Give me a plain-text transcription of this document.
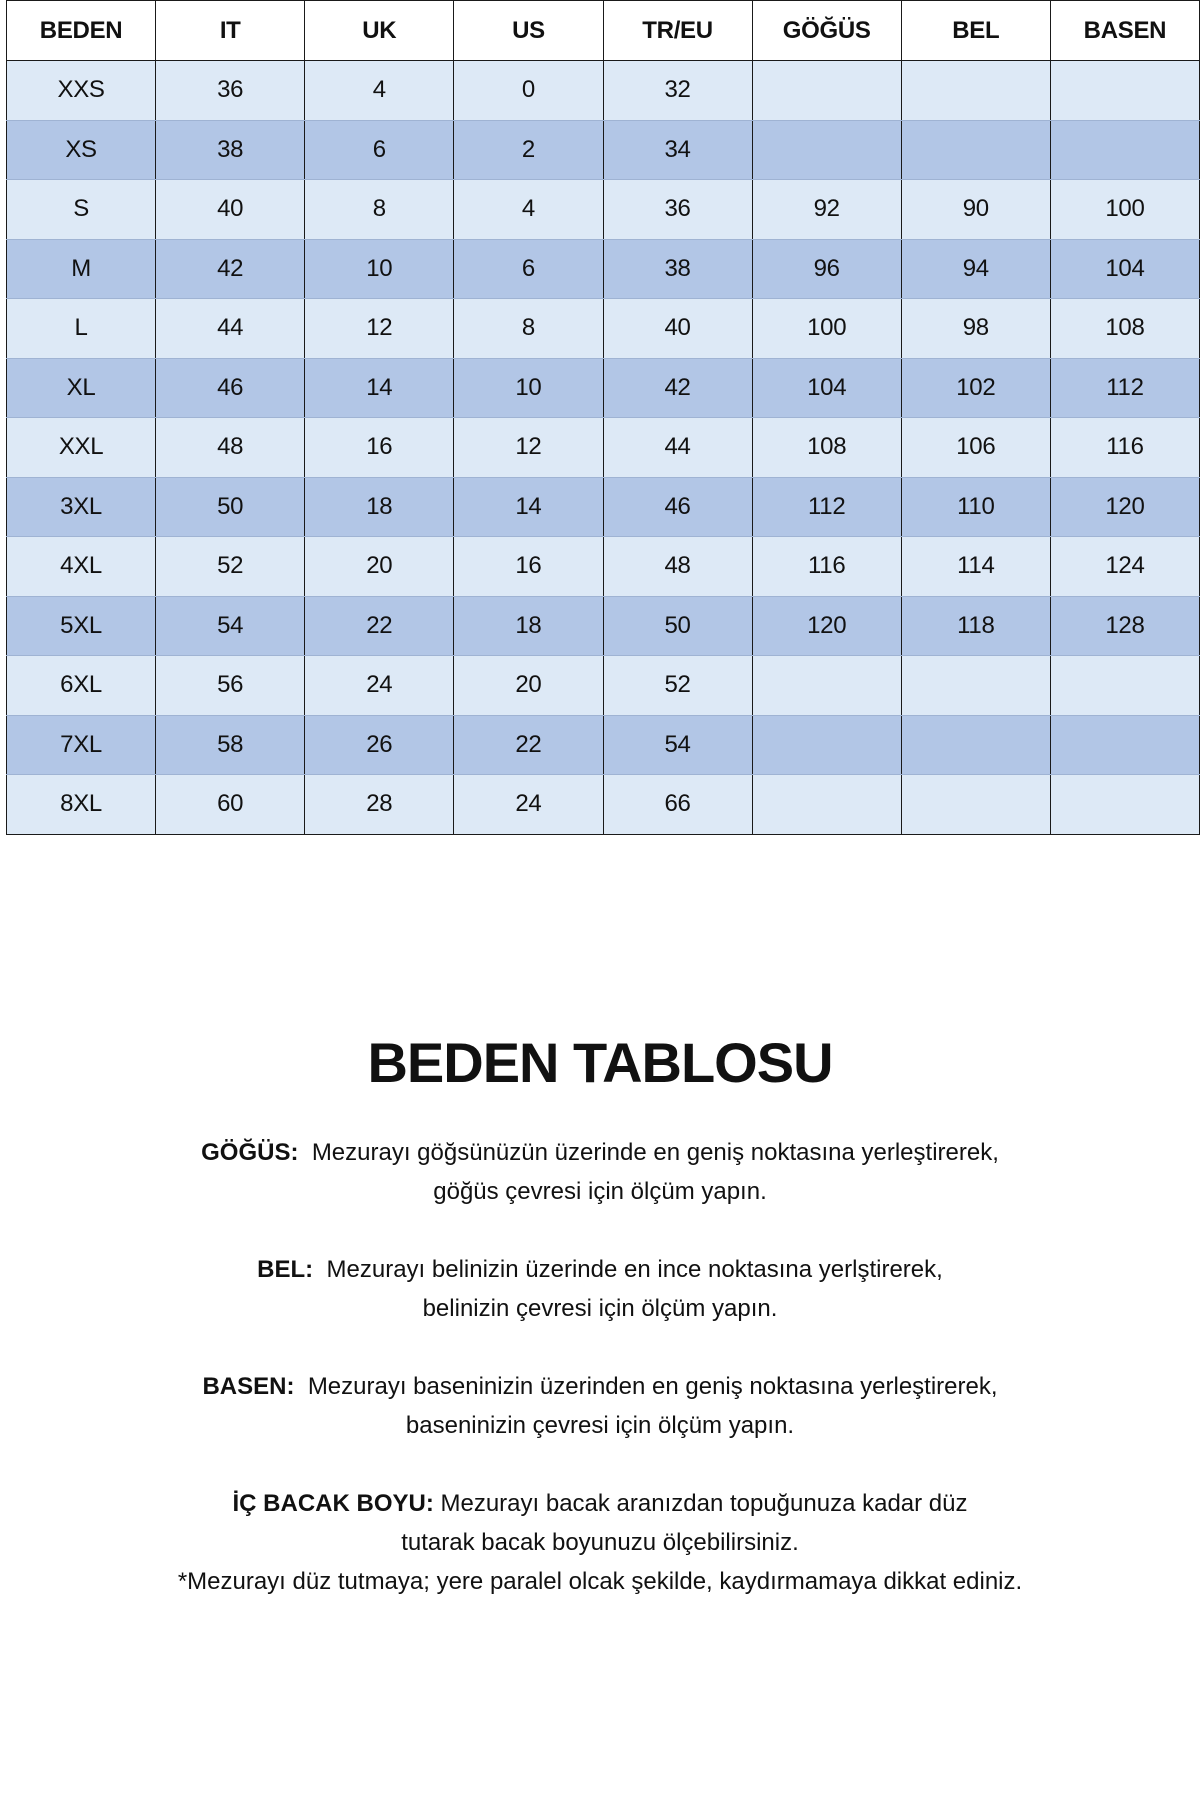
BEDEN	IT	UK	US	TR/EU	GÖĞÜS	BEL	BASEN
XXS	36	4	0	32			
XS	38	6	2	34			
S	40	8	4	36	92	90	100
M	42	10	6	38	96	94	104
L	44	12	8	40	100	98	108
XL	46	14	10	42	104	102	112
XXL	48	16	12	44	108	106	116
3XL	50	18	14	46	112	110	120
4XL	52	20	16	48	116	114	124
5XL	54	22	18	50	120	118	128
6XL	56	24	20	52			
7XL	58	26	22	54			
8XL	60	28	24	66			
BEDEN TABLOSU
GÖĞÜS: Mezurayı göğsünüzün üzerinde en geniş noktasına yerleştirerek,
göğüs çevresi için ölçüm yapın.
BEL: Mezurayı belinizin üzerinde en ince noktasına yerlştirerek,
belinizin çevresi için ölçüm yapın.
BASEN: Mezurayı baseninizin üzerinden en geniş noktasına yerleştirerek,
baseninizin çevresi için ölçüm yapın.
İÇ BACAK BOYU: Mezurayı bacak aranızdan topuğunuza kadar düz
tutarak bacak boyunuzu ölçebilirsiniz.
*Mezurayı düz tutmaya; yere paralel olcak şekilde, kaydırmamaya dikkat ediniz.
